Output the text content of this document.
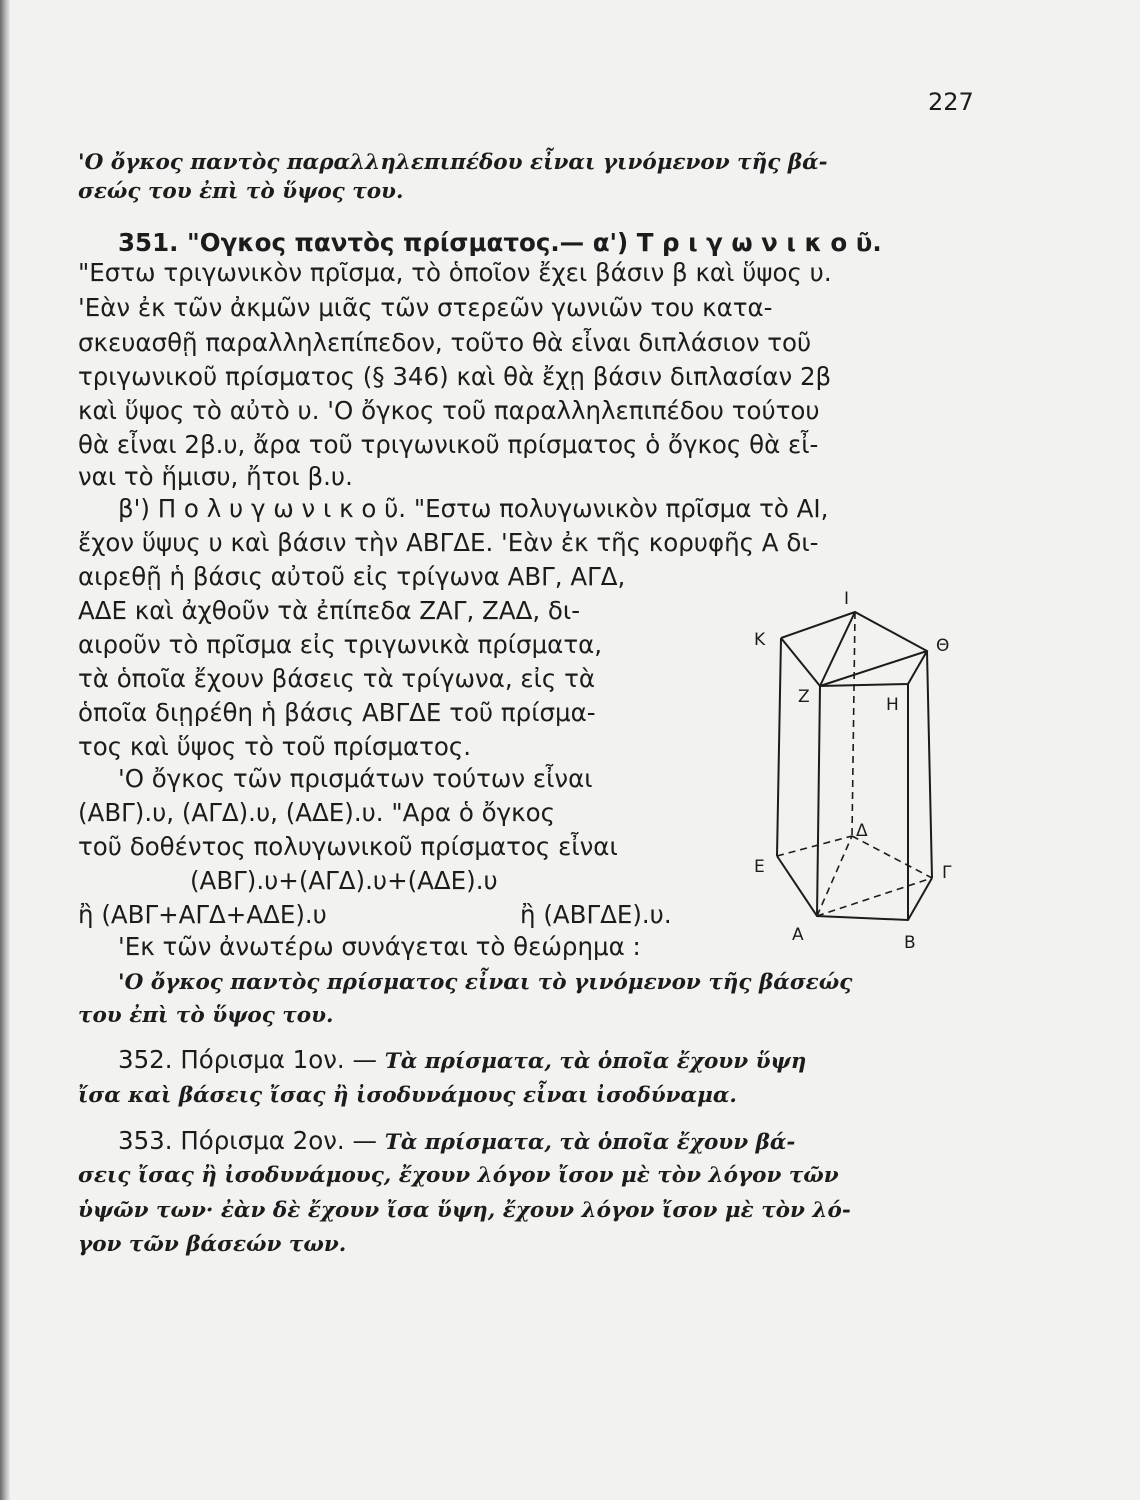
227
'Ο ὄγκος παντὸς παραλληλεπιπέδου εἶναι γινόμενον τῆς βά-
σεώς του ἐπὶ τὸ ὕψος του.
351. "Ογκος παντὸς πρίσματος.— α') Τ ρ ι γ ω ν ι κ ο ῦ.
"Εστω τριγωνικὸν πρῖσμα, τὸ ὁποῖον ἔχει βάσιν β καὶ ὕψος υ.
'Εὰν ἐκ τῶν ἀκμῶν μιᾶς τῶν στερεῶν γωνιῶν του κατα-
σκευασθῇ παραλληλεπίπεδον, τοῦτο θὰ εἶναι διπλάσιον τοῦ
τριγωνικοῦ πρίσματος (§ 346) καὶ θὰ ἔχῃ βάσιν διπλασίαν 2β
καὶ ὕψος τὸ αὐτὸ υ. 'Ο ὄγκος τοῦ παραλληλεπιπέδου τούτου
θὰ εἶναι 2β.υ, ἄρα τοῦ τριγωνικοῦ πρίσματος ὁ ὄγκος θὰ εἶ-
ναι τὸ ἥμισυ, ἤτοι β.υ.
β') Π ο λ υ γ ω ν ι κ ο ῦ. "Εστω πολυγωνικὸν πρῖσμα τὸ ΑΙ,
ἔχον ὕψυς υ καὶ βάσιν τὴν ΑΒΓΔΕ. 'Εὰν ἐκ τῆς κορυφῆς Α δι-
αιρεθῇ ἡ βάσις αὐτοῦ εἰς τρίγωνα ΑΒΓ, ΑΓΔ,
ΑΔΕ καὶ ἀχθοῦν τὰ ἐπίπεδα ΖΑΓ, ΖΑΔ, δι-
αιροῦν τὸ πρῖσμα εἰς τριγωνικὰ πρίσματα,
τὰ ὁποῖα ἔχουν βάσεις τὰ τρίγωνα, εἰς τὰ
ὁποῖα διῃρέθη ἡ βάσις ΑΒΓΔΕ τοῦ πρίσμα-
τος καὶ ὕψος τὸ τοῦ πρίσματος.
'Ο ὄγκος τῶν πρισμάτων τούτων εἶναι
(ΑΒΓ).υ, (ΑΓΔ).υ, (ΑΔΕ).υ. "Αρα ὁ ὄγκος
τοῦ δοθέντος πολυγωνικοῦ πρίσματος εἶναι
(ΑΒΓ).υ+(ΑΓΔ).υ+(ΑΔΕ).υ
ἢ (ΑΒΓ+ΑΓΔ+ΑΔΕ).υ	ἢ (ΑΒΓΔΕ).υ.
'Εκ τῶν ἀνωτέρω συνάγεται τὸ θεώρημα :
'Ο ὄγκος παντὸς πρίσματος εἶναι τὸ γινόμενον τῆς βάσεώς
του ἐπὶ τὸ ὕψος του.
352. Πόρισμα 1ον. — Τὰ πρίσματα, τὰ ὁποῖα ἔχουν ὕψη
ἴσα καὶ βάσεις ἴσας ἢ ἰσοδυνάμους εἶναι ἰσοδύναμα.
353. Πόρισμα 2ον. — Τὰ πρίσματα, τὰ ὁποῖα ἔχουν βά-
σεις ἴσας ἢ ἰσοδυνάμους, ἔχουν λόγον ἴσον μὲ τὸν λόγον τῶν
ὑψῶν των· ἐὰν δὲ ἔχουν ἴσα ὕψη, ἔχουν λόγον ἴσον μὲ τὸν λό-
γον τῶν βάσεών των.
Ι
Κ	Θ
Ζ	Η
Δ
Ε	Γ
Α	Β
